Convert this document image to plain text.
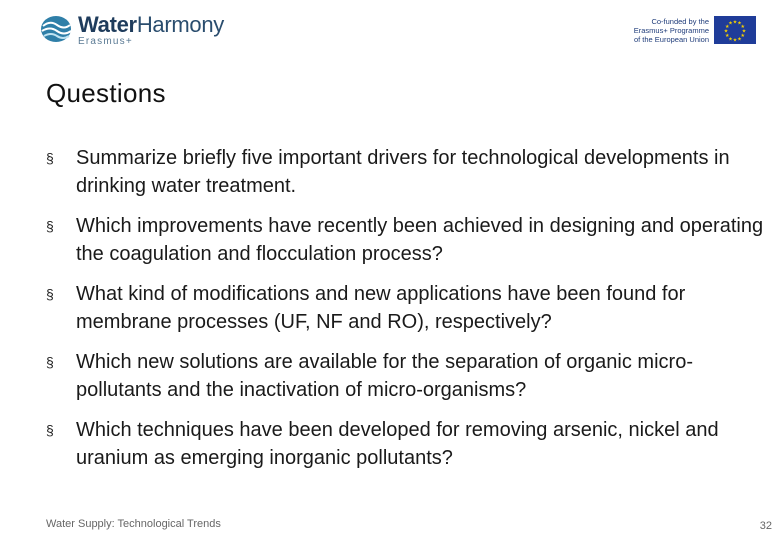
WaterHarmony
Erasmus+
Co-funded by the
Erasmus+ Programme
of the European Union
★ ★
★
★
★
★
★
★
★
★
★
★
Questions
§	Summarize briefly five important drivers for technological developments in drinking water treatment.
§	Which improvements have recently been achieved in designing and operating the coagulation and flocculation process?
§	What kind of modifications and new applications have been found for membrane processes (UF, NF and RO), respectively?
§	Which new solutions are available for the separation of organic micro-pollutants and the inactivation of micro-organisms?
§	Which techniques have been developed for removing arsenic, nickel and uranium as emerging inorganic pollutants?
Water Supply: Technological Trends	32
